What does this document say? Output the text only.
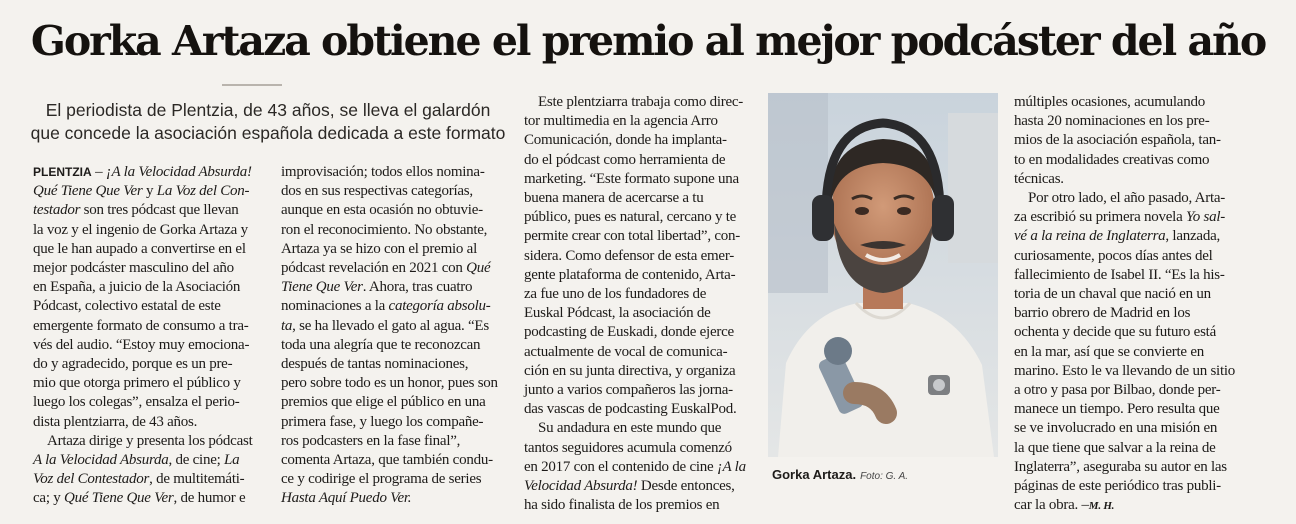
Gorka Artaza obtiene el premio al mejor podcáster del año

El periodista de Plentzia, de 43 años, se lleva el galardón que concede la asociación española dedicada a este formato

PLENTZIA – ¡A la Velocidad Absurda!
Qué Tiene Que Ver y La Voz del Con-
testador son tres pódcast que llevan
la voz y el ingenio de Gorka Artaza y
que le han aupado a convertirse en el
mejor podcáster masculino del año
en España, a juicio de la Asociación
Pódcast, colectivo estatal de este
emergente formato de consumo a tra-
vés del audio. “Estoy muy emociona-
do y agradecido, porque es un pre-
mio que otorga primero el público y
luego los colegas”, ensalza el perio-
dista plentziarra, de 43 años.
Artaza dirige y presenta los pódcast
A la Velocidad Absurda, de cine; La
Voz del Contestador, de multitemáti-
ca; y Qué Tiene Que Ver, de humor e
improvisación; todos ellos nomina-
dos en sus respectivas categorías,
aunque en esta ocasión no obtuvie-
ron el reconocimiento. No obstante,
Artaza ya se hizo con el premio al
pódcast revelación en 2021 con Qué
Tiene Que Ver. Ahora, tras cuatro
nominaciones a la categoría absolu-
ta, se ha llevado el gato al agua. “Es
toda una alegría que te reconozcan
después de tantas nominaciones,
pero sobre todo es un honor, pues son
premios que elige el público en una
primera fase, y luego los compañe-
ros podcasters en la fase final”,
comenta Artaza, que también condu-
ce y codirige el programa de series
Hasta Aquí Puedo Ver.
Este plentziarra trabaja como direc-
tor multimedia en la agencia Arro
Comunicación, donde ha implanta-
do el pódcast como herramienta de
marketing. “Este formato supone una
buena manera de acercarse a tu
público, pues es natural, cercano y te
permite crear con total libertad”, con-
sidera. Como defensor de esta emer-
gente plataforma de contenido, Arta-
za fue uno de los fundadores de
Euskal Pódcast, la asociación de
podcasting de Euskadi, donde ejerce
actualmente de vocal de comunica-
ción en su junta directiva, y organiza
junto a varios compañeros las jorna-
das vascas de podcasting EuskalPod.
Su andadura en este mundo que
tantos seguidores acumula comenzó
en 2017 con el contenido de cine ¡A la
Velocidad Absurda! Desde entonces,
ha sido finalista de los premios en
Gorka Artaza. Foto: G. A.
múltiples ocasiones, acumulando
hasta 20 nominaciones en los pre-
mios de la asociación española, tan-
to en modalidades creativas como
técnicas.
Por otro lado, el año pasado, Arta-
za escribió su primera novela Yo sal-
vé a la reina de Inglaterra, lanzada,
curiosamente, pocos días antes del
fallecimiento de Isabel II. “Es la his-
toria de un chaval que nació en un
barrio obrero de Madrid en los
ochenta y decide que su futuro está
en la mar, así que se convierte en
marino. Esto le va llevando de un sitio
a otro y pasa por Bilbao, donde per-
manece un tiempo. Pero resulta que
se ve involucrado en una misión en
la que tiene que salvar a la reina de
Inglaterra”, aseguraba su autor en las
páginas de este periódico tras publi-
car la obra. –M. H.
